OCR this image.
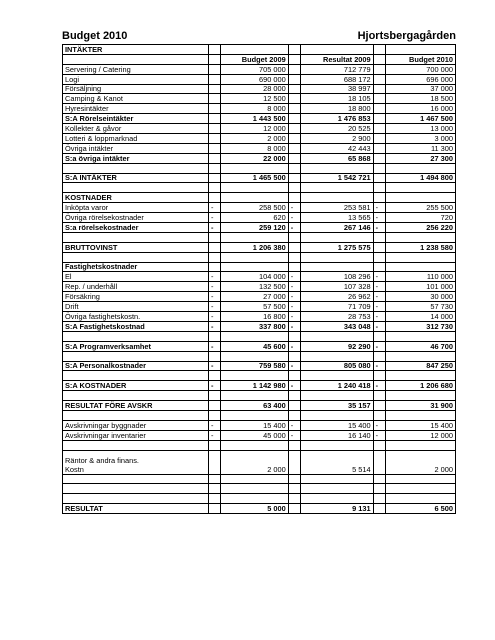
Budget 2010	Hjortsbergagården
INTÄKTER						
		Budget 2009		Resultat 2009		Budget 2010
Servering / Catering		705 000		712 779		700 000
Logi		690 000		688 172		696 000
Försäljning		28 000		38 997		37 000
Camping & Kanot		12 500		18 105		18 500
Hyresintäkter		8 000		18 800		16 000
S:A Rörelseintäkter		1 443 500		1 476 853		1 467 500
Kollekter & gåvor		12 000		20 525		13 000
Lotteri & loppmarknad		2 000		2 900		3 000
Övriga intäkter		8 000		42 443		11 300
S:a övriga intäkter		22 000		65 868		27 300

S:A INTÄKTER		1 465 500		1 542 721		1 494 800

KOSTNADER						
Inköpta varor	-	258 500	-	253 581	-	255 500
Övriga rörelsekostnader	-	620	-	13 565	-	720
S:a rörelsekostnader	-	259 120	-	267 146	-	256 220

BRUTTOVINST		1 206 380		1 275 575		1 238 580

Fastighetskostnader						
El	-	104 000	-	108 296	-	110 000
Rep. / underhåll	-	132 500	-	107 328	-	101 000
Försäkring	-	27 000	-	26 962	-	30 000
Drift	-	57 500	-	71 709	-	57 730
Övriga fastighetskostn.	-	16 800	-	28 753	-	14 000
S:A Fastighetskostnad	-	337 800	-	343 048	-	312 730

S:A Programverksamhet	-	45 600	-	92 290	-	46 700

S:A Personalkostnader	-	759 580	-	805 080	-	847 250

S:A KOSTNADER	-	1 142 980	-	1 240 418	-	1 206 680

RESULTAT FÖRE AVSKR		63 400		35 157		31 900

Avskrivningar byggnader	-	15 400	-	15 400	-	15 400
Avskrivningar inventarier	-	45 000	-	16 140	-	12 000

Räntor & andra finans.
Kostn		2 000		5 514		2 000

RESULTAT		5 000		9 131		6 500
